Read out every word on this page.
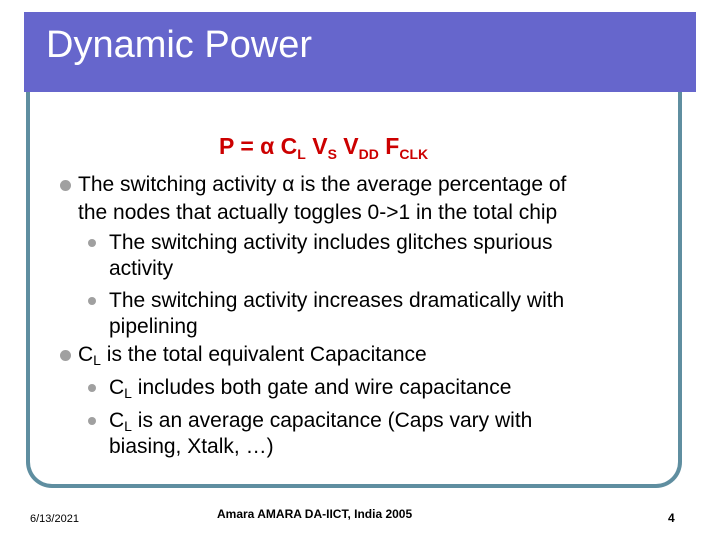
Dynamic Power
P = α $C_L$ $V_S$ $V_{DD}$ $F_{CLK}$
The switching activity α is the average percentage of
the nodes that actually toggles 0->1 in the total chip
The switching activity includes glitches spurious
activity
The switching activity increases dramatically with
pipelining
$C_L$ is the total equivalent Capacitance
$C_L$ includes both gate and wire capacitance
$C_L$ is an average capacitance (Caps vary with
biasing, Xtalk, …)
6/13/2021	Amara AMARA DA-IICT, India 2005	4
